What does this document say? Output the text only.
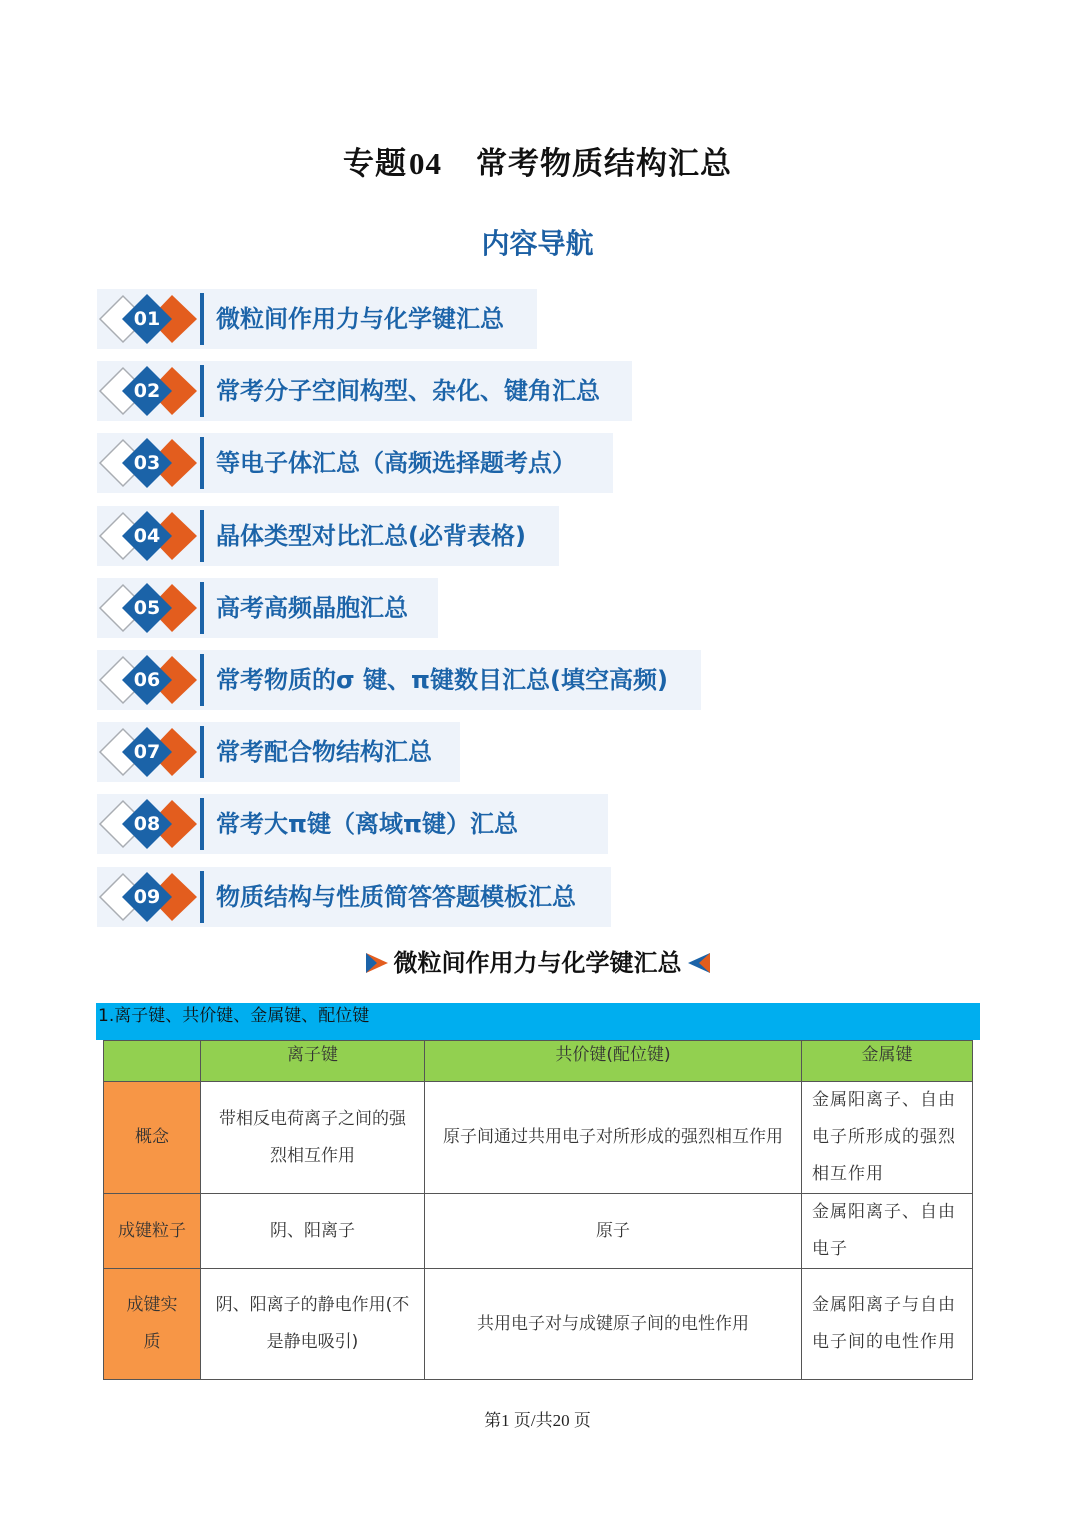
专题04 常考物质结构汇总
内容导航
01 微粒间作用力与化学键汇总
02 常考分子空间构型、杂化、键角汇总
03 等电子体汇总（高频选择题考点）
04 晶体类型对比汇总(必背表格)
05 高考高频晶胞汇总
06 常考物质的σ 键、π键数目汇总(填空高频)
07 常考配合物结构汇总
08 常考大π键（离域π键）汇总
09 物质结构与性质简答答题模板汇总
微粒间作用力与化学键汇总
1.离子键、共价键、金属键、配位键
	离子键	共价键(配位键)	金属键
概念	带相反电荷离子之间的强烈相互作用	原子间通过共用电子对所形成的强烈相互作用	金属阳离子、自由电子所形成的强烈相互作用
成键粒子	阴、阳离子	原子	金属阳离子、自由电子
成键实质	阴、阳离子的静电作用(不是静电吸引)	共用电子对与成键原子间的电性作用	金属阳离子与自由电子间的电性作用
第1 页/共20 页
